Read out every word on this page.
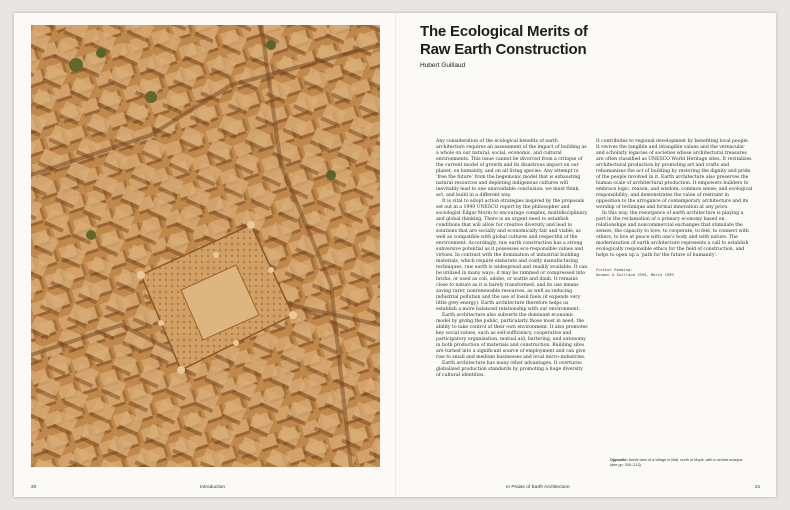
The Ecological Merits of
Raw Earth Construction
Hubert Guillaud

Any consideration of the ecological benefits of earth architecture requires an assessment of the impact of building as a whole on our natural, social, economic, and cultural environments. This issue cannot be divorced from a critique of the current model of growth and its disastrous impact on our planet, on humanity, and on all living species. Any attempt to ‘free the future’ from the hegemonic model that is exhausting natural resources and depleting indigenous cultures will inevitably lead to one unavoidable conclusion: we must think, act, and build in a different way.

It is vital to adopt action strategies inspired by the proposals set out in a 1999 UNESCO report by the philosopher and sociologist Edgar Morin to encourage complex, multidisciplinary, and global thinking. There is an urgent need to establish conditions that will allow for creative diversity and lead to solutions that are socially and economically fair and viable, as well as compatible with global cultures and respectful of the environment. Accordingly, raw earth construction has a strong subversive potential as it possesses eco-responsible values and virtues. In contrast with the domination of industrial building materials, which require elaborate and costly manufacturing techniques, raw earth is widespread and readily available. It can be utilized in many ways: it may be rammed or compressed into bricks, or used as cob, adobe, or wattle and daub. It remains close to nature as it is barely transformed, and its use means saving rarer, nonrenewable resources, as well as reducing industrial pollution and the use of fossil fuels (it expends very little grey energy). Earth architecture therefore helps us establish a more balanced relationship with our environment.

Earth architecture also subverts the dominant economic model by giving the public, particularly those most in need, the ability to take control of their own environment. It also promotes key social values, such as self-sufficiency, cooperative and participatory organization, mutual aid, bartering, and autonomy in both production of materials and construction. Building sites are turned into a significant source of employment and can give rise to small and medium businesses and local micro-industries.

Earth architecture has many other advantages. It overturns globalized production standards by promoting a huge diversity of cultural identities.

It contributes to regional development by benefiting local people. It revives the tangible and intangible values and the vernacular and scholarly legacies of societies whose architectural treasures are often classified as UNESCO World Heritage sites. It revitalizes architectural production by promoting art and crafts and rehumanizes the act of building by restoring the dignity and pride of the people involved in it. Earth architecture also preserves the human scale of architectural production. It empowers builders to embrace logic, reason, and wisdom; common sense; and ecological responsibility; and demonstrates the value of restraint in opposition to the arrogance of contemporary architecture and its worship of technique and formal innovation at any price.

In this way, the resurgence of earth architecture is playing a part in the reclamation of a primary economy based on relationships and noncommercial exchanges that stimulate the senses, the capacity to love, to cooperate, to feel, to connect with others, to live at peace with one’s body and with nature. The modernization of earth architecture represents a call to establish ecologically responsible ethics for the field of construction, and helps to open up a ‘path for the future of humanity’.

Further Reading:
Houben & Guillaud 1994, Morin 1999
Opposite: Aerial view of a village in Mali, north of Mopti, with a central mosque (see pp. 200–213).
20	Introduction	In Praise of Earth Architecture	21
